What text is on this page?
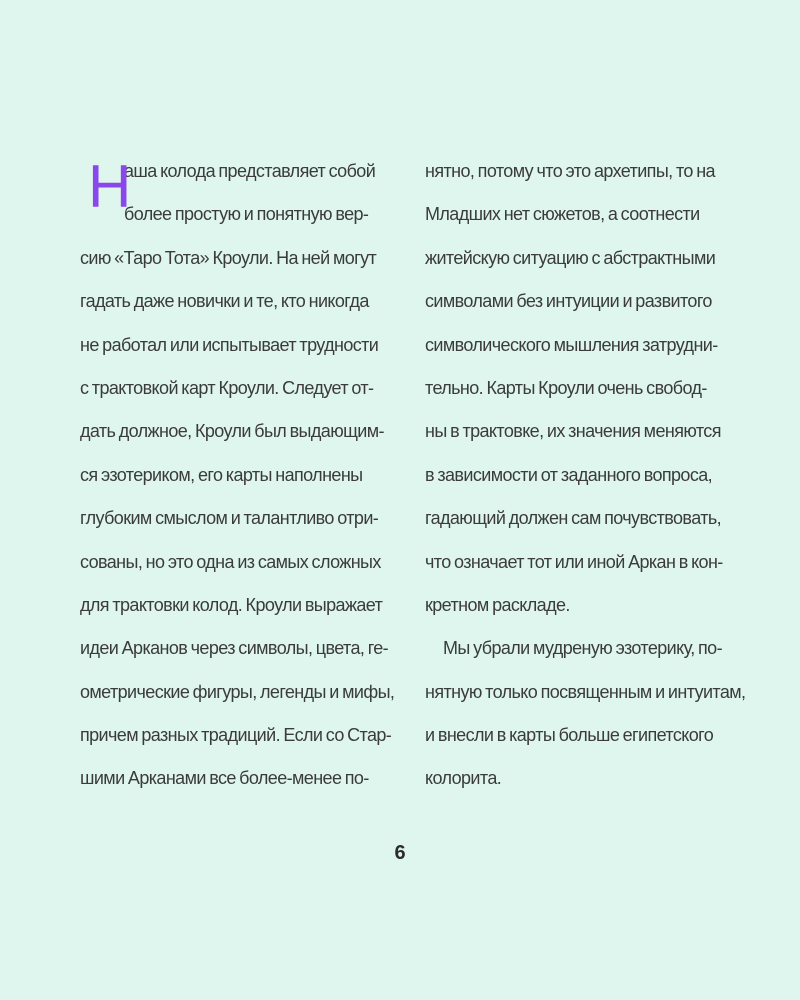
Н
аша колода представляет собой
более простую и понятную вер-
сию «Таро Тота» Кроули. На ней могут
гадать даже новички и те, кто никогда
не работал или испытывает трудности
с трактовкой карт Кроули. Следует от-
дать должное, Кроули был выдающим-
ся эзотериком, его карты наполнены
глубоким смыслом и талантливо отри-
сованы, но это одна из самых сложных
для трактовки колод. Кроули выражает
идеи Арканов через символы, цвета, ге-
ометрические фигуры, легенды и мифы,
причем разных традиций. Если со Стар-
шими Арканами все более-менее по-
нятно, потому что это архетипы, то на
Младших нет сюжетов, а соотнести
житейскую ситуацию с абстрактными
символами без интуиции и развитого
символического мышления затрудни-
тельно. Карты Кроули очень свобод-
ны в трактовке, их значения меняются
в зависимости от заданного вопроса,
гадающий должен сам почувствовать,
что означает тот или иной Аркан в кон-
кретном раскладе.
Мы убрали мудреную эзотерику, по-
нятную только посвященным и интуитам,
и внесли в карты больше египетского
колорита.
6
